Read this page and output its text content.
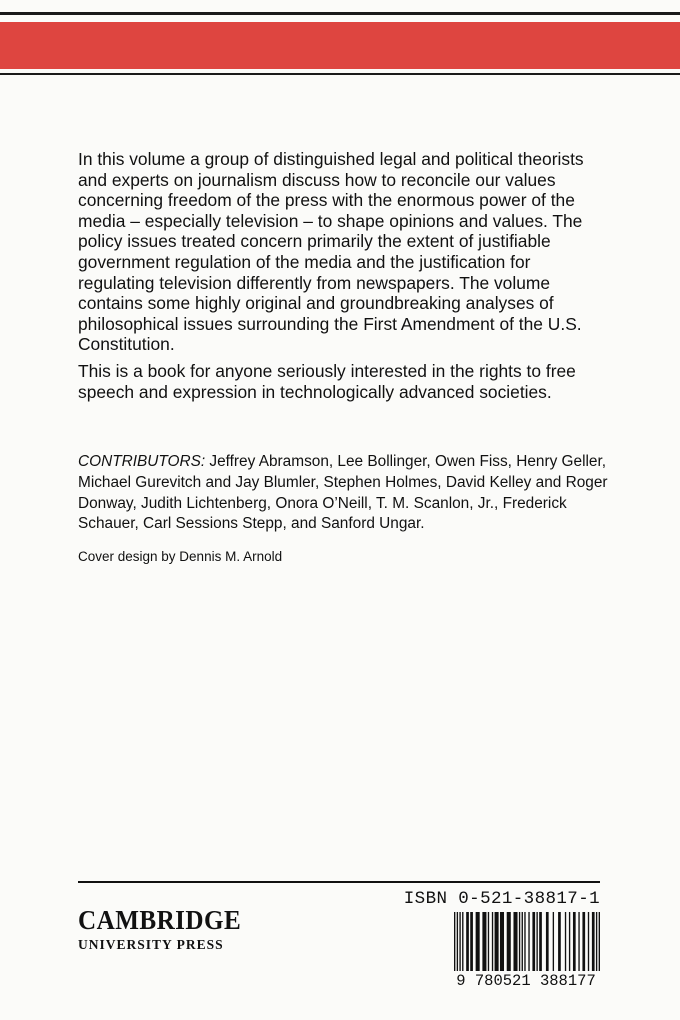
In this volume a group of distinguished legal and political theorists and experts on journalism discuss how to reconcile our values concerning freedom of the press with the enormous power of the media – especially television – to shape opinions and values. The policy issues treated concern primarily the extent of justifiable government regulation of the media and the justification for regulating television differently from newspapers. The volume contains some highly original and groundbreaking analyses of philosophical issues surrounding the First Amendment of the U.S. Constitution.

This is a book for anyone seriously interested in the rights to free speech and expression in technologically advanced societies.

CONTRIBUTORS: Jeffrey Abramson, Lee Bollinger, Owen Fiss, Henry Geller, Michael Gurevitch and Jay Blumler, Stephen Holmes, David Kelley and Roger Donway, Judith Lichtenberg, Onora O’Neill, T. M. Scanlon, Jr., Frederick Schauer, Carl Sessions Stepp, and Sanford Ungar.

Cover design by Dennis M. Arnold

CAMBRIDGE
UNIVERSITY PRESS
ISBN 0-521-38817-1
9 780521 388177
